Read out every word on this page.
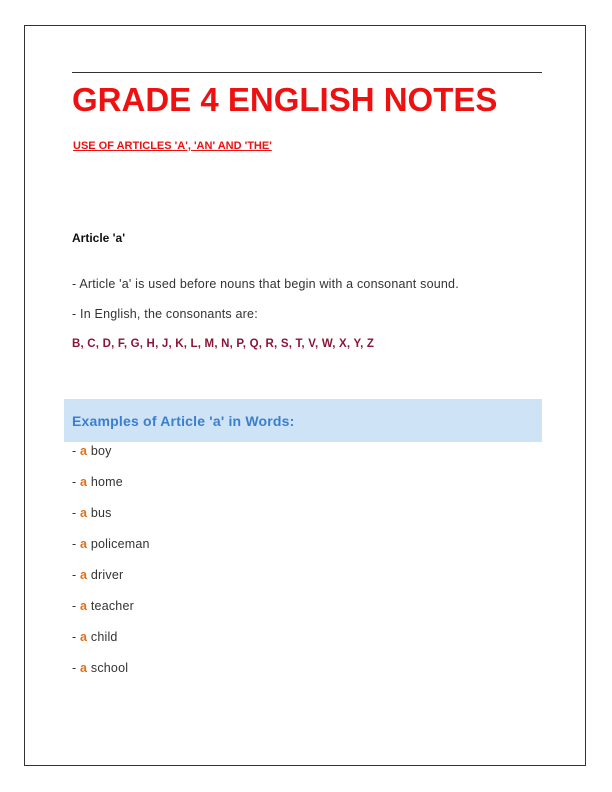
GRADE 4 ENGLISH NOTES
USE OF ARTICLES 'A', 'AN' AND 'THE'
Article 'a'
- Article 'a' is used before nouns that begin with a consonant sound.
- In English, the consonants are:
B, C, D, F, G, H, J, K, L, M, N, P, Q, R, S, T, V, W, X, Y, Z
Examples of Article 'a' in Words:
- a boy
- a home
- a bus
- a policeman
- a driver
- a teacher
- a child
- a school
